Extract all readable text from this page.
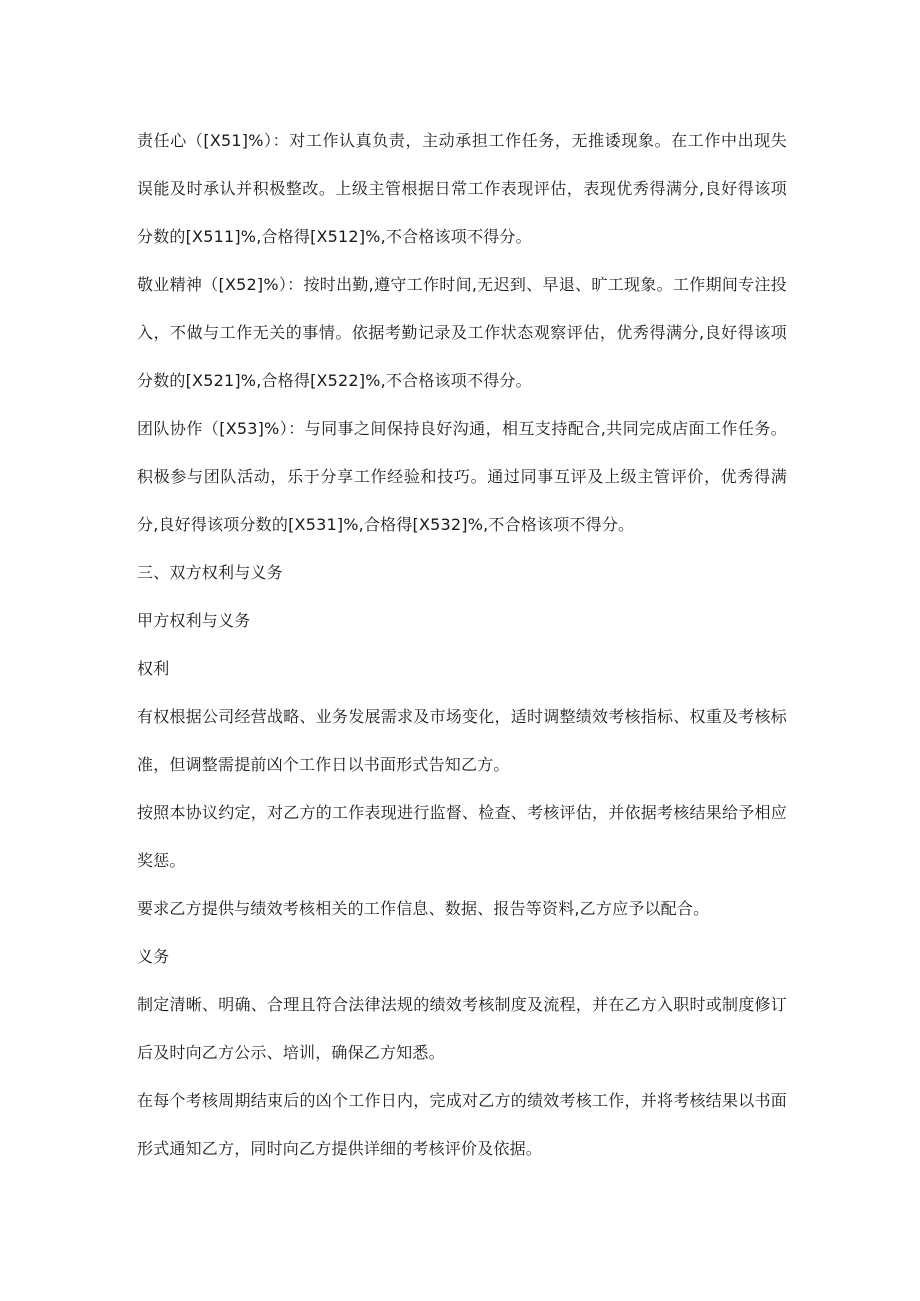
责任心（[X51]%）：对工作认真负责，主动承担工作任务，无推诿现象。在工作中出现失误能及时承认并积极整改。上级主管根据日常工作表现评估，表现优秀得满分,良好得该项分数的[X511]%,合格得[X512]%,不合格该项不得分。

敬业精神（[X52]%）：按时出勤,遵守工作时间,无迟到、早退、旷工现象。工作期间专注投入，不做与工作无关的事情。依据考勤记录及工作状态观察评估，优秀得满分,良好得该项分数的[X521]%,合格得[X522]%,不合格该项不得分。

团队协作（[X53]%）：与同事之间保持良好沟通，相互支持配合,共同完成店面工作任务。积极参与团队活动，乐于分享工作经验和技巧。通过同事互评及上级主管评价，优秀得满分,良好得该项分数的[X531]%,合格得[X532]%,不合格该项不得分。

三、双方权利与义务

甲方权利与义务

权利

有权根据公司经营战略、业务发展需求及市场变化，适时调整绩效考核指标、权重及考核标准，但调整需提前凶个工作日以书面形式告知乙方。

按照本协议约定，对乙方的工作表现进行监督、检查、考核评估，并依据考核结果给予相应奖惩。

要求乙方提供与绩效考核相关的工作信息、数据、报告等资料,乙方应予以配合。

义务

制定清晰、明确、合理且符合法律法规的绩效考核制度及流程，并在乙方入职时或制度修订后及时向乙方公示、培训，确保乙方知悉。

在每个考核周期结束后的凶个工作日内，完成对乙方的绩效考核工作，并将考核结果以书面形式通知乙方，同时向乙方提供详细的考核评价及依据。
